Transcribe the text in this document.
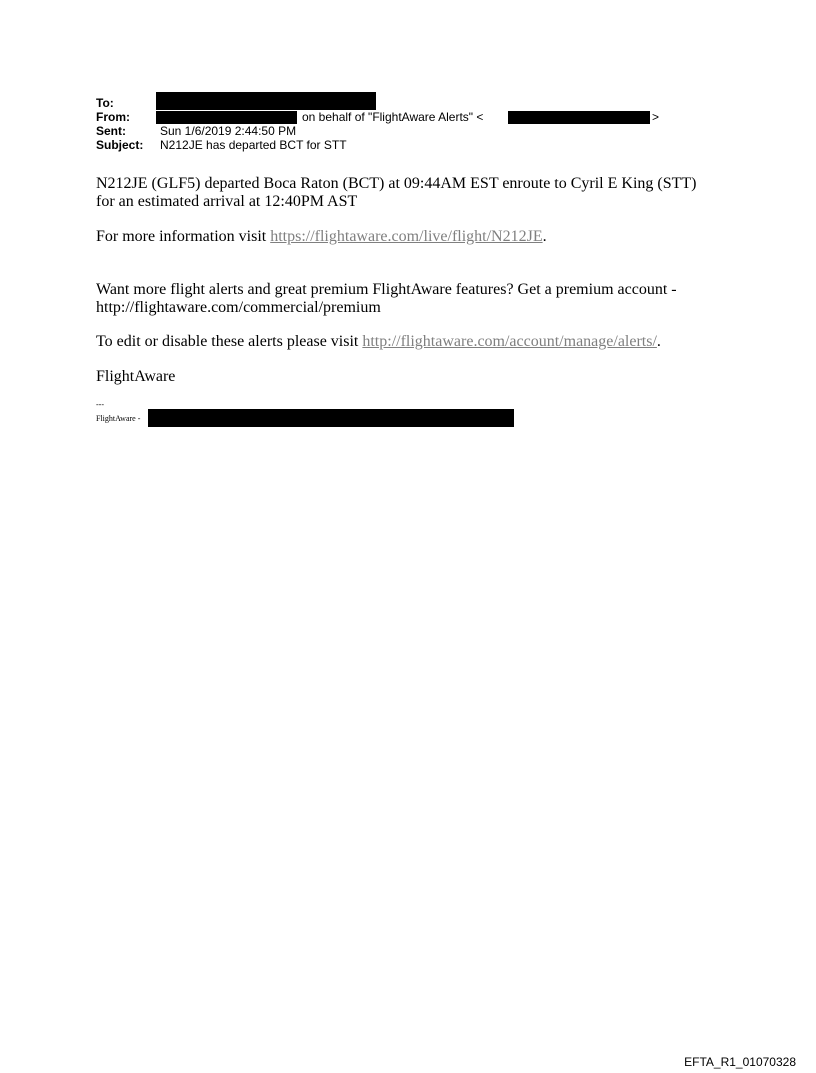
To:
From:	on behalf of "FlightAware Alerts" <	>
Sent:	Sun 1/6/2019 2:44:50 PM
Subject: N212JE has departed BCT for STT

N212JE (GLF5) departed Boca Raton (BCT) at 09:44AM EST enroute to Cyril E King (STT)
for an estimated arrival at 12:40PM AST

For more information visit https://flightaware.com/live/flight/N212JE.

Want more flight alerts and great premium FlightAware features? Get a premium account -
http://flightaware.com/commercial/premium

To edit or disable these alerts please visit http://flightaware.com/account/manage/alerts/.

FlightAware

---
FlightAware -
EFTA_R1_01070328
